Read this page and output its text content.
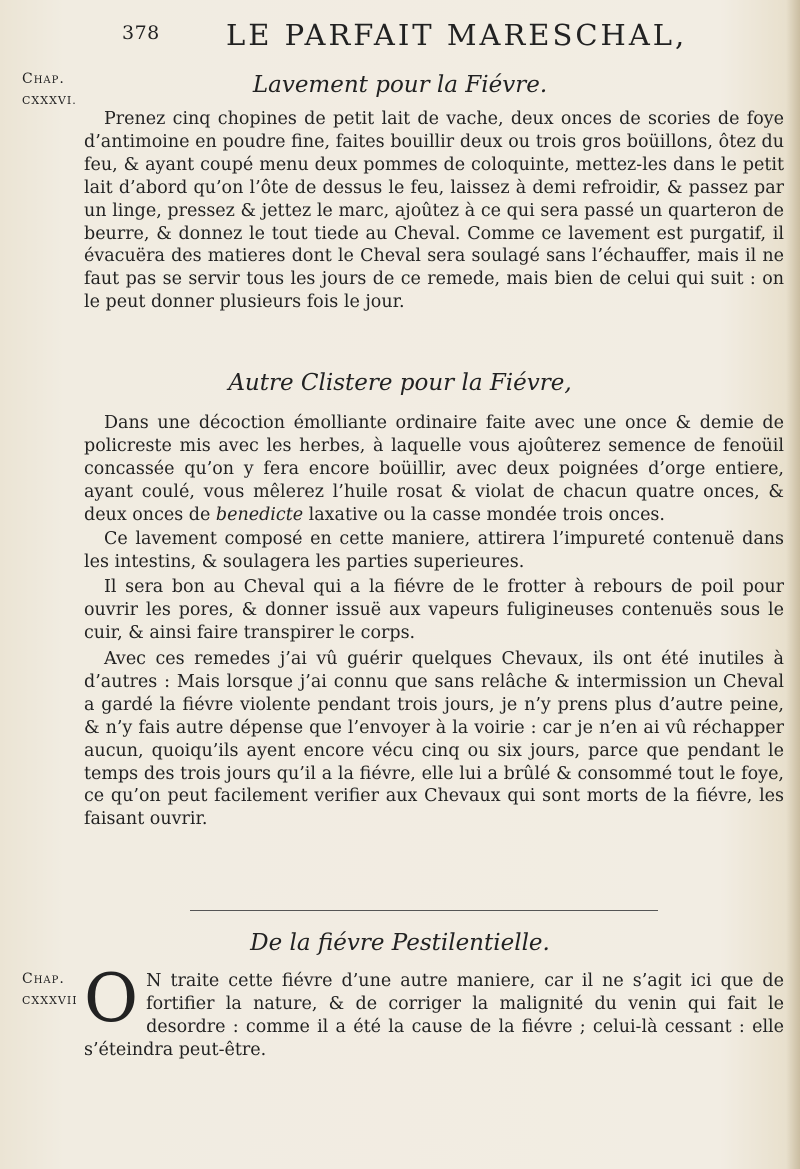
378 LE PARFAIT MARESCHAL,
Chap.
CXXXVI.
Lavement pour la Fiévre.

Prenez cinq chopines de petit lait de vache, deux onces de scories de foye d’antimoine en poudre fine, faites bouillir deux ou trois gros boüillons, ôtez du feu, & ayant coupé menu deux pommes de coloquinte, mettez-les dans le petit lait d’abord qu’on l’ôte de dessus le feu, laissez à demi refroidir, & passez par un linge, pressez & jettez le marc, ajoûtez à ce qui sera passé un quarteron de beurre, & donnez le tout tiede au Cheval. Comme ce lavement est purgatif, il évacuëra des matieres dont le Cheval sera soulagé sans l’échauffer, mais il ne faut pas se servir tous les jours de ce remede, mais bien de celui qui suit : on le peut donner plusieurs fois le jour.

Autre Clistere pour la Fiévre,

Dans une décoction émolliante ordinaire faite avec une once & demie de policreste mis avec les herbes, à laquelle vous ajoûterez semence de fenoüil concassée qu’on y fera encore boüillir, avec deux poignées d’orge entiere, ayant coulé, vous mêlerez l’huile rosat & violat de chacun quatre onces, & deux onces de benedicte laxative ou la casse mondée trois onces.

Ce lavement composé en cette maniere, attirera l’impureté contenuë dans les intestins, & soulagera les parties superieures.

Il sera bon au Cheval qui a la fiévre de le frotter à rebours de poil pour ouvrir les pores, & donner issuë aux vapeurs fuligineuses contenuës sous le cuir, & ainsi faire transpirer le corps.

Avec ces remedes j’ai vû guérir quelques Chevaux, ils ont été inutiles à d’autres : Mais lorsque j’ai connu que sans relâche & intermission un Cheval a gardé la fiévre violente pendant trois jours, je n’y prens plus d’autre peine, & n’y fais autre dépense que l’envoyer à la voirie : car je n’en ai vû réchapper aucun, quoiqu’ils ayent encore vécu cinq ou six jours, parce que pendant le temps des trois jours qu’il a la fiévre, elle lui a brûlé & consommé tout le foye, ce qu’on peut facilement verifier aux Chevaux qui sont morts de la fiévre, les faisant ouvrir.

De la fiévre Pestilentielle.
Chap.
CXXXVII O N traite cette fiévre d’une autre maniere, car il ne s’agit ici que de fortifier la nature, & de corriger la malignité du venin qui fait le desordre : comme il a été la cause de la fiévre ; celui-là cessant : elle s’éteindra peut-être.
